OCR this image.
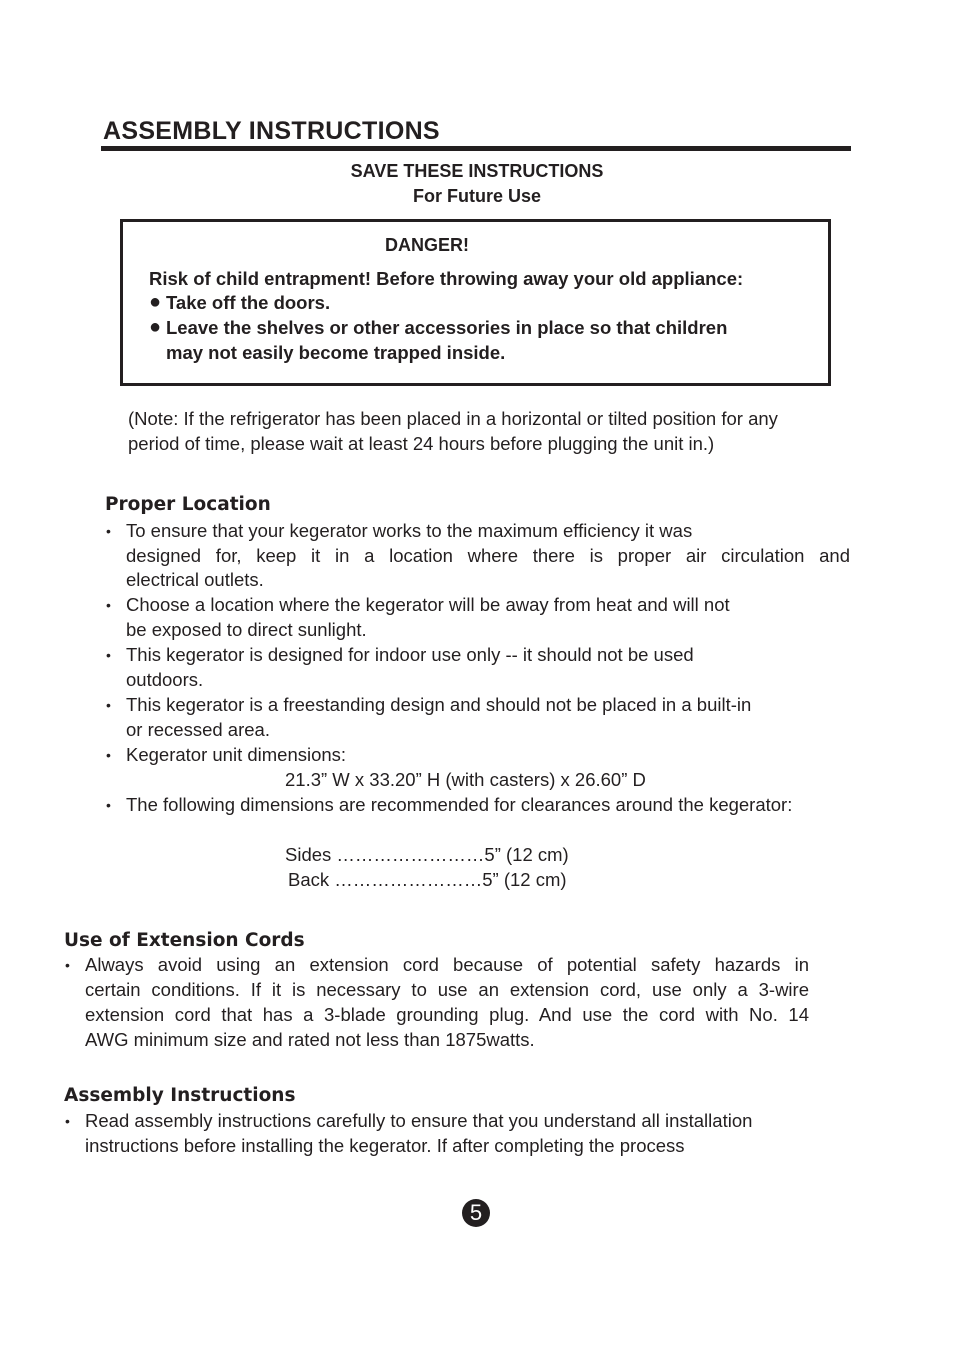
ASSEMBLY INSTRUCTIONS
SAVE THESE INSTRUCTIONS
For Future Use
DANGER!
Risk of child entrapment! Before throwing away your old appliance:
● Take off the doors.
● Leave the shelves or other accessories in place so that children
may not easily become trapped inside.
(Note: If the refrigerator has been placed in a horizontal or tilted position for any
period of time, please wait at least 24 hours before plugging the unit in.)
Proper Location
• To ensure that your kegerator works to the maximum efficiency it was
designed for, keep it in a location where there is proper air circulation and
electrical outlets.
• Choose a location where the kegerator will be away from heat and will not
be exposed to direct sunlight.
• This kegerator is designed for indoor use only -- it should not be used
outdoors.
• This kegerator is a freestanding design and should not be placed in a built-in
or recessed area.
• Kegerator unit dimensions:
21.3” W x 33.20” H (with casters) x 26.60” D
• The following dimensions are recommended for clearances around the kegerator:
Sides ……………………5” (12 cm)
Back ……………………5” (12 cm)
Use of Extension Cords
• Always avoid using an extension cord because of potential safety hazards in
certain conditions. If it is necessary to use an extension cord, use only a 3-wire
extension cord that has a 3-blade grounding plug. And use the cord with No. 14
AWG minimum size and rated not less than 1875watts.
Assembly Instructions
• Read assembly instructions carefully to ensure that you understand all installation
instructions before installing the kegerator. If after completing the process
5
